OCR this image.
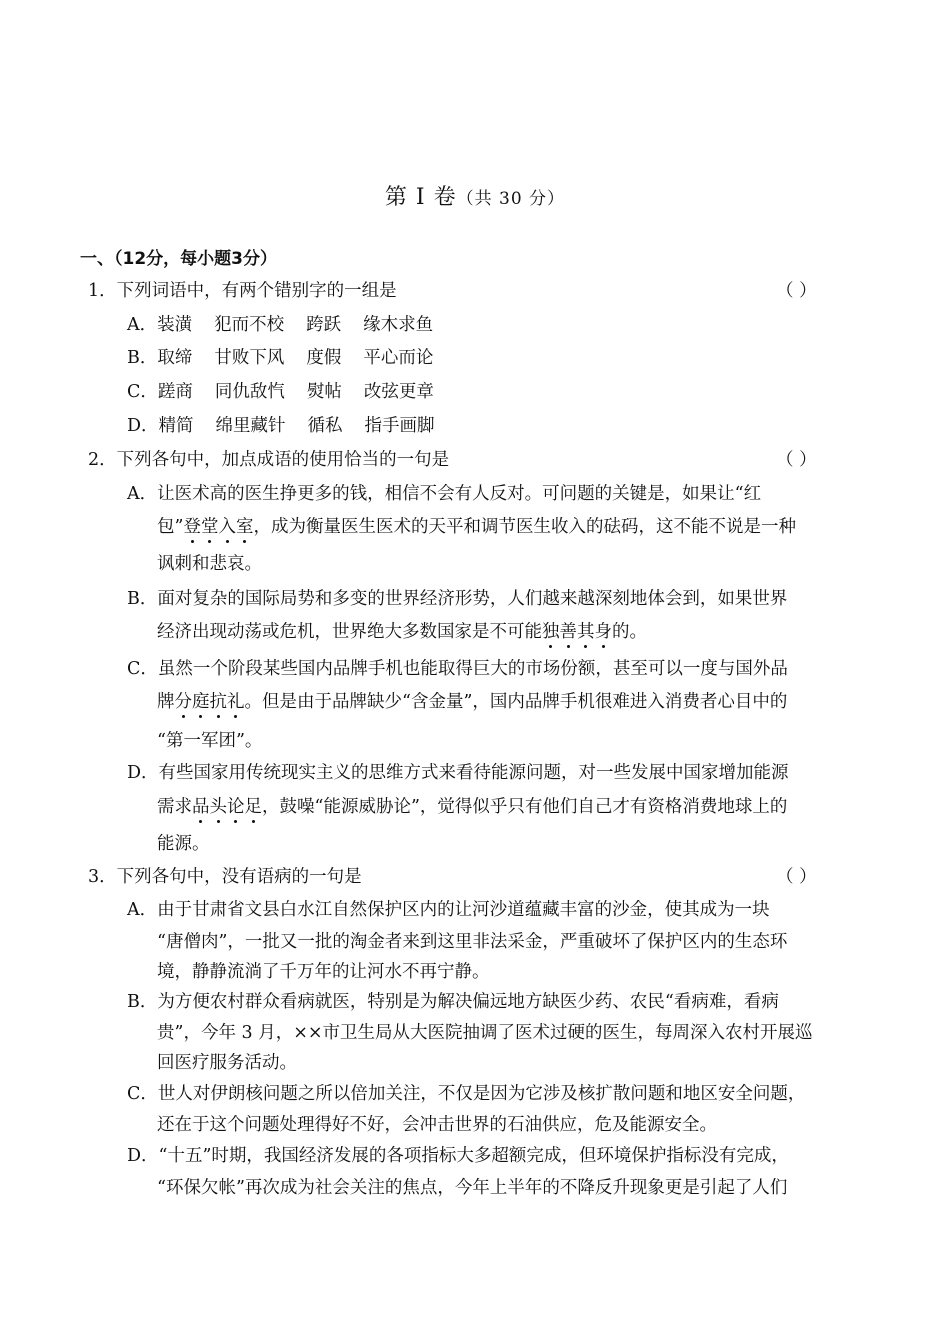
第 I 卷（共 30 分）
一、（12分，每小题3分）
1．下列词语中，有两个错别字的一组是	（ ）
A．装潢 犯而不校 跨跃 缘木求鱼
B．取缔 甘败下风 度假 平心而论
C．蹉商 同仇敌忾 熨帖 改弦更章
D．精简 绵里藏针 循私 指手画脚
2．下列各句中，加点成语的使用恰当的一句是	（ ）
A．让医术高的医生挣更多的钱，相信不会有人反对。可问题的关键是，如果让“红
包”登堂入室，成为衡量医生医术的天平和调节医生收入的砝码，这不能不说是一种
讽刺和悲哀。
B．面对复杂的国际局势和多变的世界经济形势，人们越来越深刻地体会到，如果世界
经济出现动荡或危机，世界绝大多数国家是不可能独善其身的。
C．虽然一个阶段某些国内品牌手机也能取得巨大的市场份额，甚至可以一度与国外品
牌分庭抗礼。但是由于品牌缺少“含金量”，国内品牌手机很难进入消费者心目中的
“第一军团”。
D．有些国家用传统现实主义的思维方式来看待能源问题，对一些发展中国家增加能源
需求品头论足，鼓噪“能源威胁论”，觉得似乎只有他们自己才有资格消费地球上的
能源。
3．下列各句中，没有语病的一句是	（ ）
A．由于甘肃省文县白水江自然保护区内的让河沙道蕴藏丰富的沙金，使其成为一块
“唐僧肉”，一批又一批的淘金者来到这里非法采金，严重破坏了保护区内的生态环
境，静静流淌了千万年的让河水不再宁静。
B．为方便农村群众看病就医，特别是为解决偏远地方缺医少药、农民“看病难，看病
贵”，今年 3 月，××市卫生局从大医院抽调了医术过硬的医生，每周深入农村开展巡
回医疗服务活动。
C．世人对伊朗核问题之所以倍加关注，不仅是因为它涉及核扩散问题和地区安全问题，
还在于这个问题处理得好不好，会冲击世界的石油供应，危及能源安全。
D．“十五”时期，我国经济发展的各项指标大多超额完成，但环境保护指标没有完成，
“环保欠帐”再次成为社会关注的焦点，今年上半年的不降反升现象更是引起了人们
